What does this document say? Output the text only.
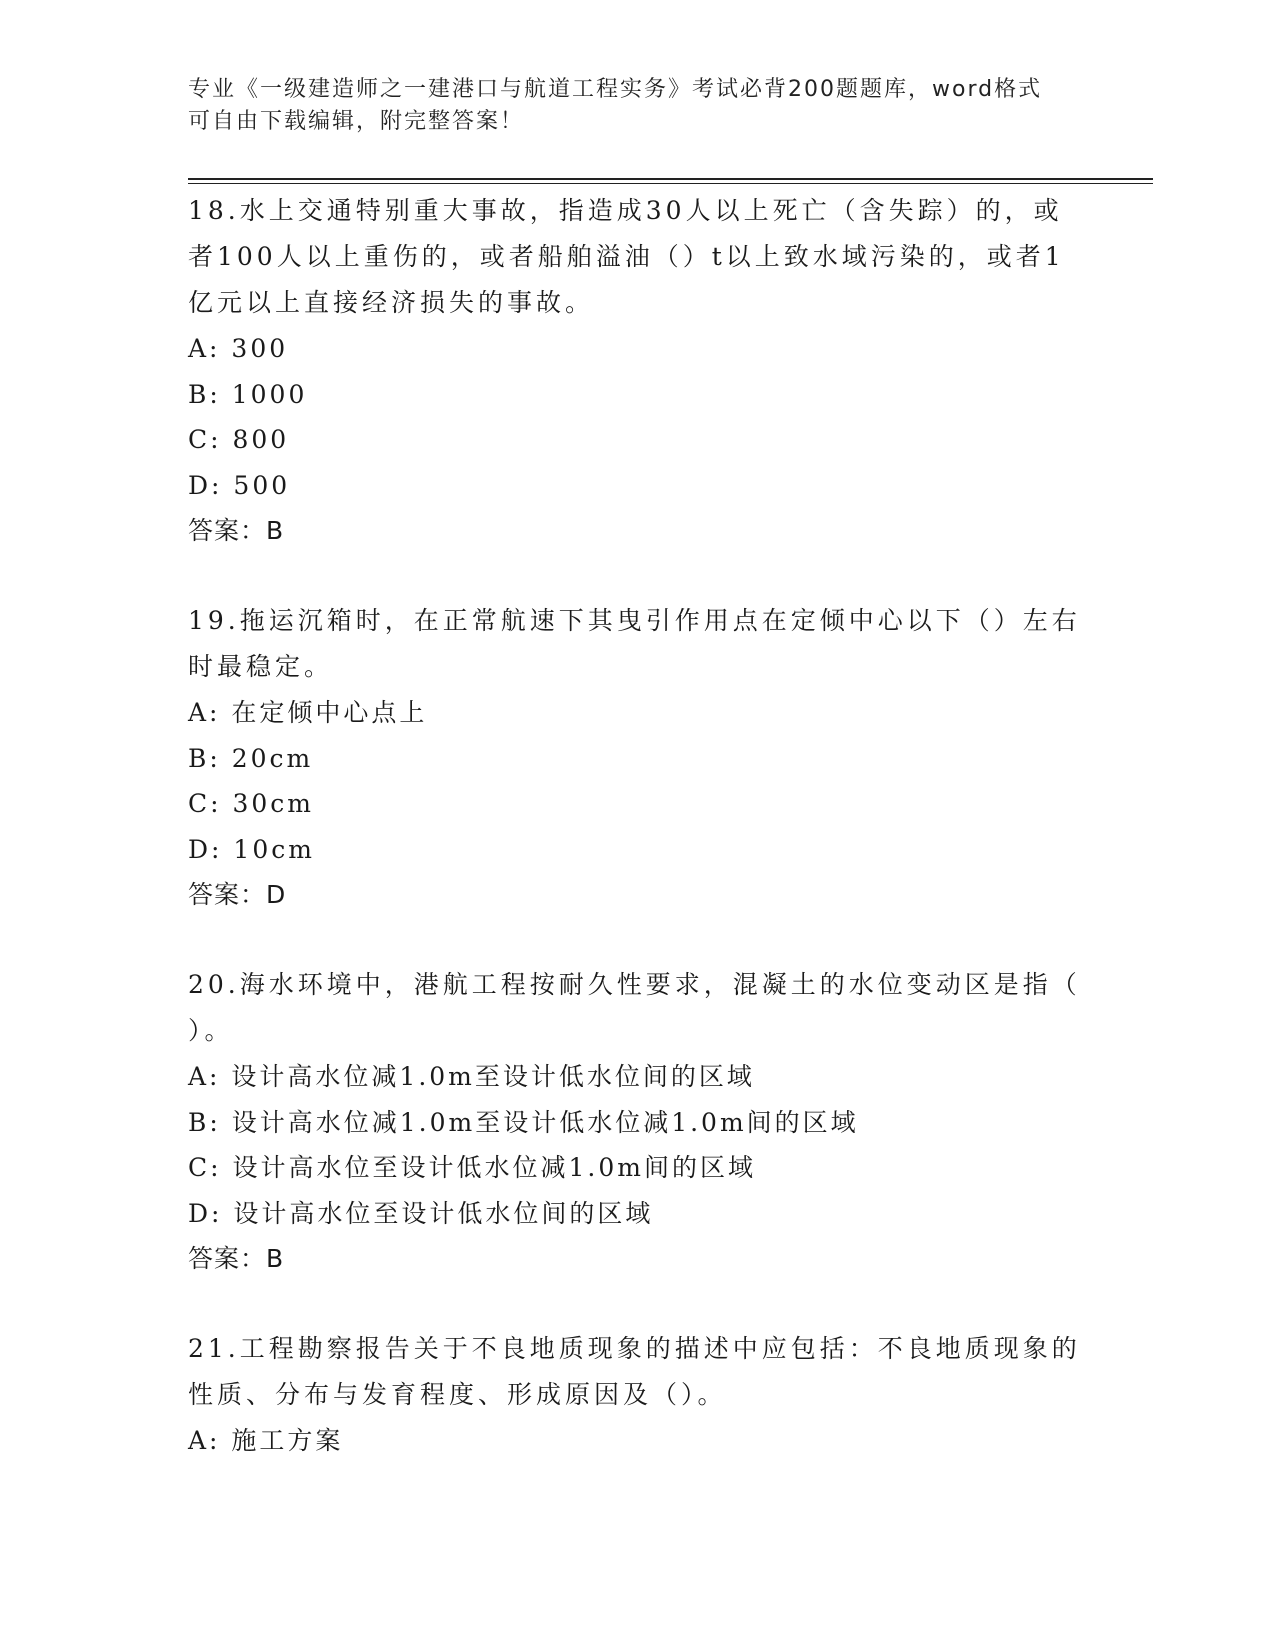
专业《一级建造师之一建港口与航道工程实务》考试必背200题题库，word格式
可自由下载编辑，附完整答案！

18.水上交通特别重大事故，指造成30人以上死亡（含失踪）的，或

者100人以上重伤的，或者船舶溢油（）t以上致水域污染的，或者1

亿元以上直接经济损失的事故。

A: 300

B: 1000

C: 800

D: 500

答案：B

19.拖运沉箱时，在正常航速下其曳引作用点在定倾中心以下（）左右

时最稳定。

A: 在定倾中心点上

B: 20cm

C: 30cm

D: 10cm

答案：D

20.海水环境中，港航工程按耐久性要求，混凝土的水位变动区是指（

）。

A: 设计高水位减1.0m至设计低水位间的区域

B: 设计高水位减1.0m至设计低水位减1.0m间的区域

C: 设计高水位至设计低水位减1.0m间的区域

D: 设计高水位至设计低水位间的区域

答案：B

21.工程勘察报告关于不良地质现象的描述中应包括：不良地质现象的

性质、分布与发育程度、形成原因及（）。

A: 施工方案
